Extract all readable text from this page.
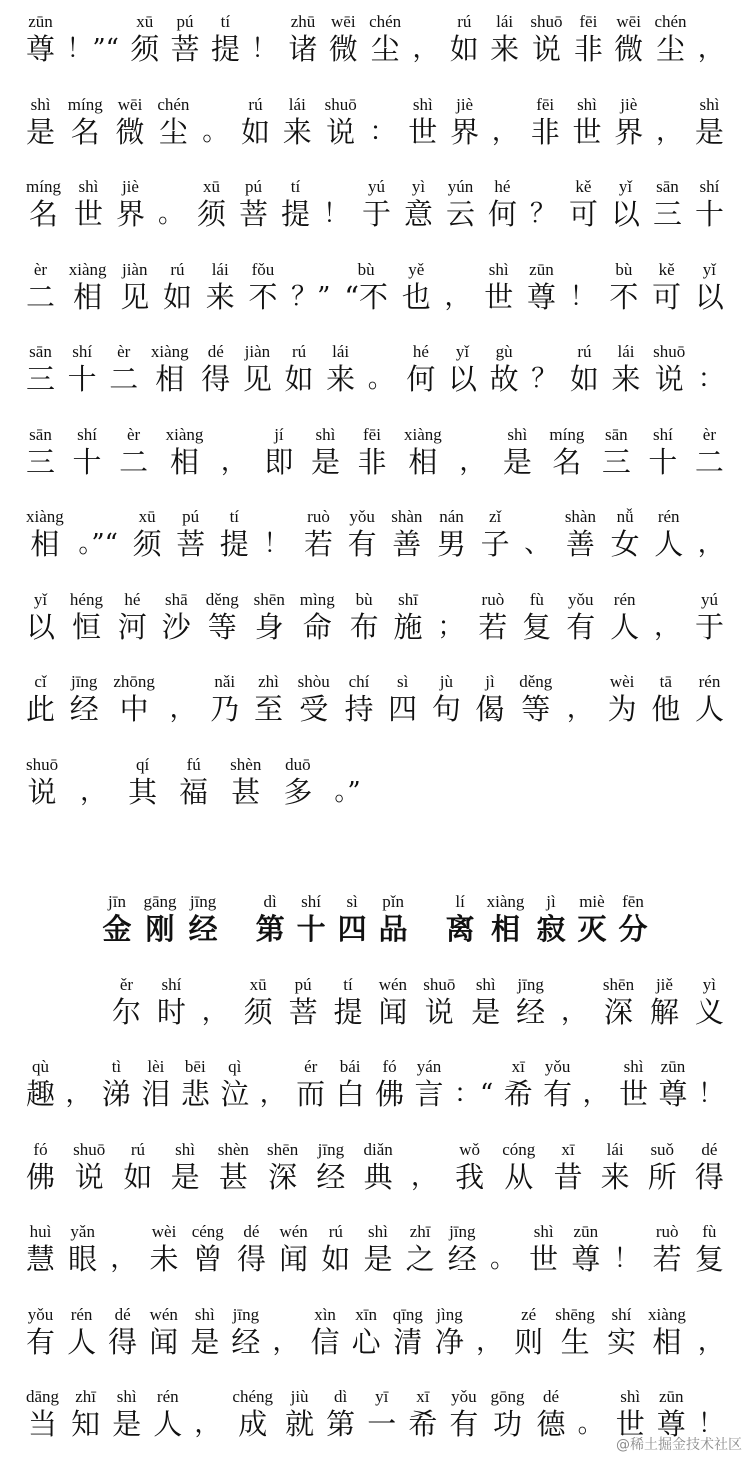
zūn
尊 ！”“
xū
须
pú
菩
tí
提 ！
zhū
诸
wēi
微
chén
尘 ，
rú
如
lái
来
shuō
说
fēi
非
wēi
微
chén
尘 ，
shì
是
míng
名
wēi
微
chén
尘 。
rú
如
lái
来
shuō
说 ：
shì
世
jiè
界 ，
fēi
非
shì
世
jiè
界 ，
shì
是
míng
名
shì
世
jiè
界 。
xū
须
pú
菩
tí
提 ！
yú
于
yì
意
yún
云
hé
何 ？
kě
可
yǐ
以
sān
三
shí
十
èr
二
xiàng
相
jiàn
见
rú
如
lái
来
fǒu
不 ？”
bù
“不
yě
也 ，
shì
世
zūn
尊 ！
bù
不
kě
可
yǐ
以
sān
三
shí
十
èr
二
xiàng
相
dé
得
jiàn
见
rú
如
lái
来 。
hé
何
yǐ
以
gù
故 ？
rú
如
lái
来
shuō
说 ：
sān
三
shí
十
èr
二
xiàng
相 ，
jí
即
shì
是
fēi
非
xiàng
相 ，
shì
是
míng
名
sān
三
shí
十
èr
二
xiàng
相 。”“
xū
须
pú
菩
tí
提 ！
ruò
若
yǒu
有
shàn
善
nán
男
zǐ
子 、
shàn
善
nǚ
女
rén
人 ，
yǐ
以
héng
恒
hé
河
shā
沙
děng
等
shēn
身
mìng
命
bù
布
shī
施 ；
ruò
若
fù
复
yǒu
有
rén
人 ，
yú
于
cǐ
此
jīng
经
zhōng
中 ，
nǎi
乃
zhì
至
shòu
受
chí
持
sì
四
jù
句
jì
偈
děng
等 ，
wèi
为
tā
他
rén
人
shuō
说 ，
qí
其
fú
福
shèn
甚
duō
多 。”
jīn
金
gāng
刚
jīng
经
dì
第
shí
十
sì
四
pǐn
品
lí
离
xiàng
相
jì
寂
miè
灭
fēn
分
ěr
尔
shí
时 ，
xū
须
pú
菩
tí
提
wén
闻
shuō
说
shì
是
jīng
经 ，
shēn
深
jiě
解
yì
义
qù
趣 ，
tì
涕
lèi
泪
bēi
悲
qì
泣 ，
ér
而
bái
白
fó
佛
yán
言 ：“
xī
希
yǒu
有 ，
shì
世
zūn
尊 ！
fó
佛
shuō
说
rú
如
shì
是
shèn
甚
shēn
深
jīng
经
diǎn
典 ，
wǒ
我
cóng
从
xī
昔
lái
来
suǒ
所
dé
得
huì
慧
yǎn
眼 ，
wèi
未
céng
曾
dé
得
wén
闻
rú
如
shì
是
zhī
之
jīng
经 。
shì
世
zūn
尊 ！
ruò
若
fù
复
yǒu
有
rén
人
dé
得
wén
闻
shì
是
jīng
经 ，
xìn
信
xīn
心
qīng
清
jìng
净 ，
zé
则
shēng
生
shí
实
xiàng
相 ，
dāng
当
zhī
知
shì
是
rén
人 ，
chéng
成
jiù
就
dì
第
yī
一
xī
希
yǒu
有
gōng
功
dé
德 。
shì
世
zūn
尊 ！
@稀土掘金技术社区
